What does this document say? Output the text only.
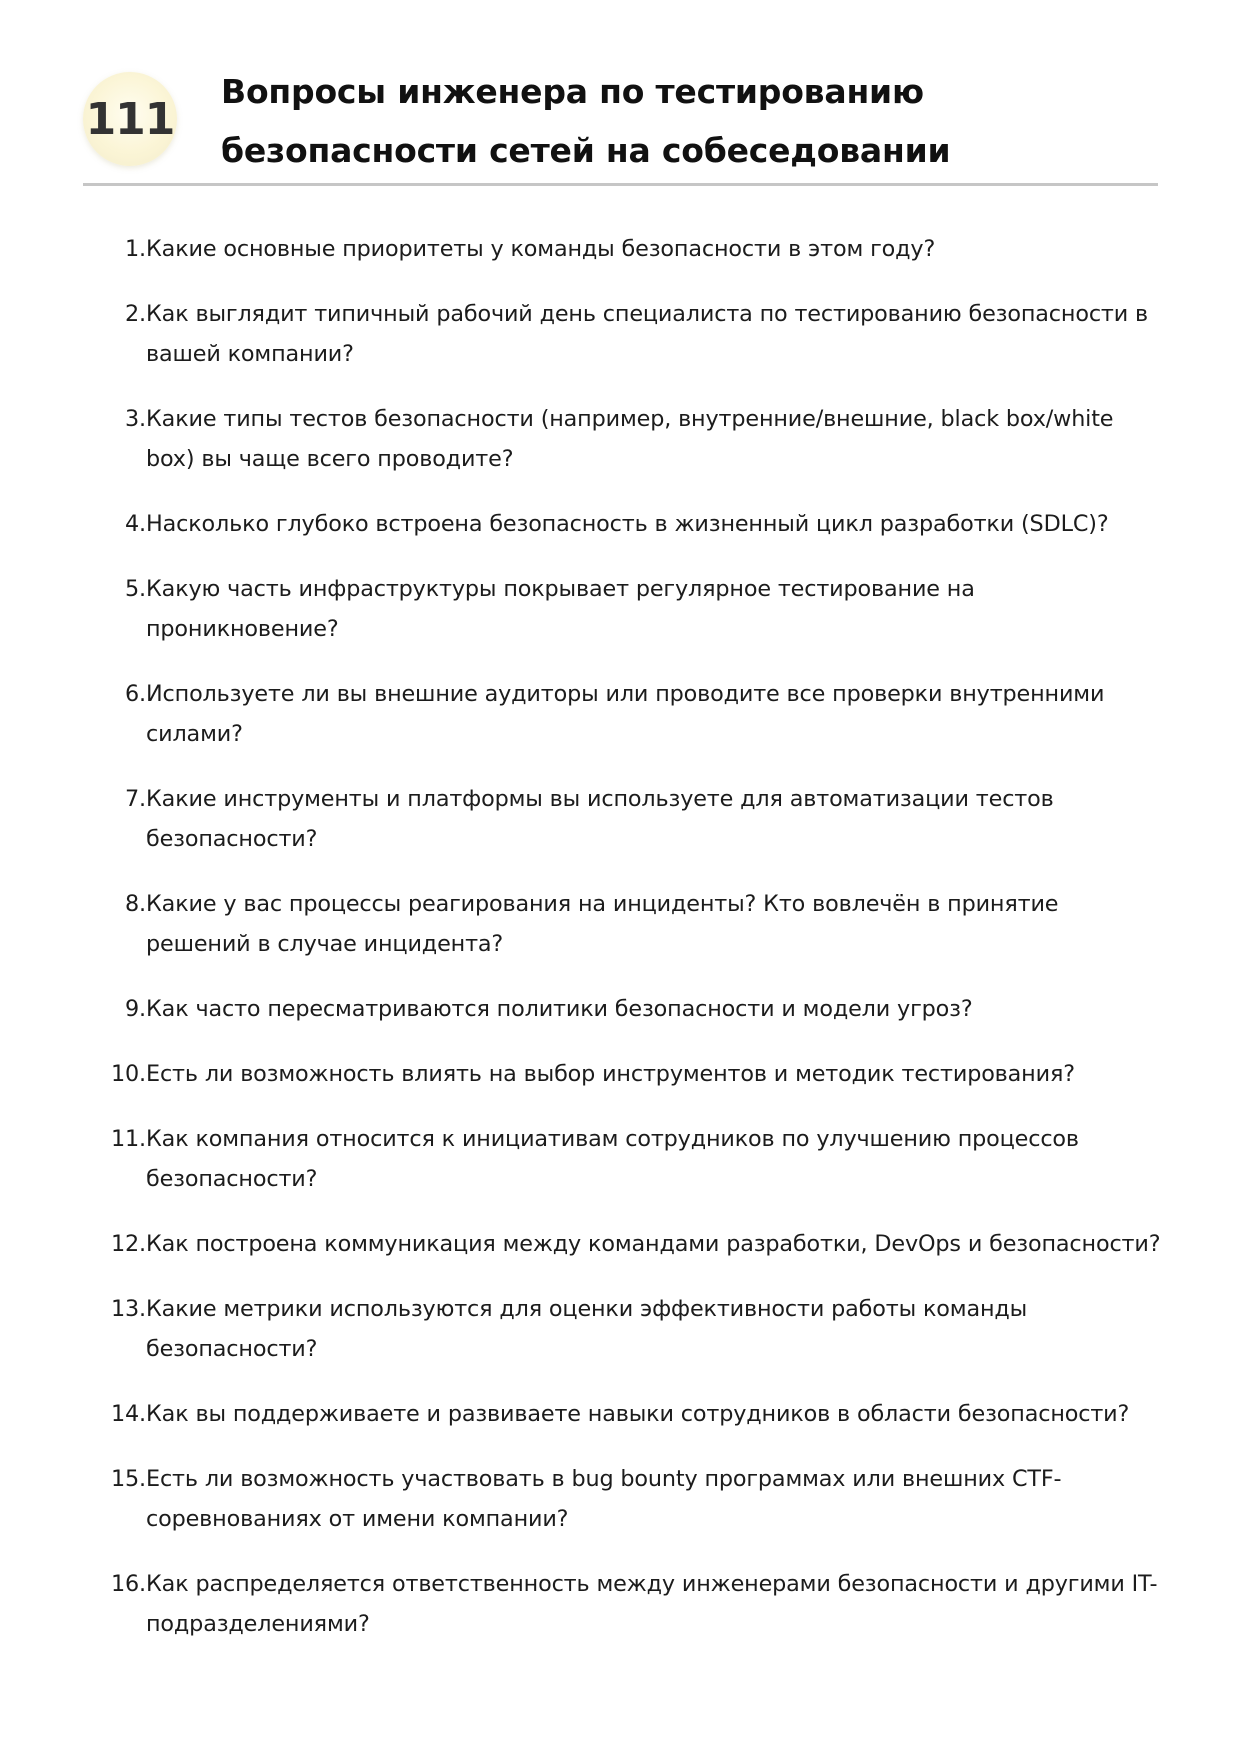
111
Вопросы инженера по тестированию
безопасности сетей на собеседовании
1. Какие основные приоритеты у команды безопасности в этом году?
2. Как выглядит типичный рабочий день специалиста по тестированию безопасности в вашей компании?
3. Какие типы тестов безопасности (например, внутренние/внешние, black box/white box) вы чаще всего проводите?
4. Насколько глубоко встроена безопасность в жизненный цикл разработки (SDLC)?
5. Какую часть инфраструктуры покрывает регулярное тестирование на проникновение?
6. Используете ли вы внешние аудиторы или проводите все проверки внутренними силами?
7. Какие инструменты и платформы вы используете для автоматизации тестов безопасности?
8. Какие у вас процессы реагирования на инциденты? Кто вовлечён в принятие решений в случае инцидента?
9. Как часто пересматриваются политики безопасности и модели угроз?
10. Есть ли возможность влиять на выбор инструментов и методик тестирования?
11. Как компания относится к инициативам сотрудников по улучшению процессов безопасности?
12. Как построена коммуникация между командами разработки, DevOps и безопасности?
13. Какие метрики используются для оценки эффективности работы команды безопасности?
14. Как вы поддерживаете и развиваете навыки сотрудников в области безопасности?
15. Есть ли возможность участвовать в bug bounty программах или внешних CTF-соревнованиях от имени компании?
16. Как распределяется ответственность между инженерами безопасности и другими IT-подразделениями?
